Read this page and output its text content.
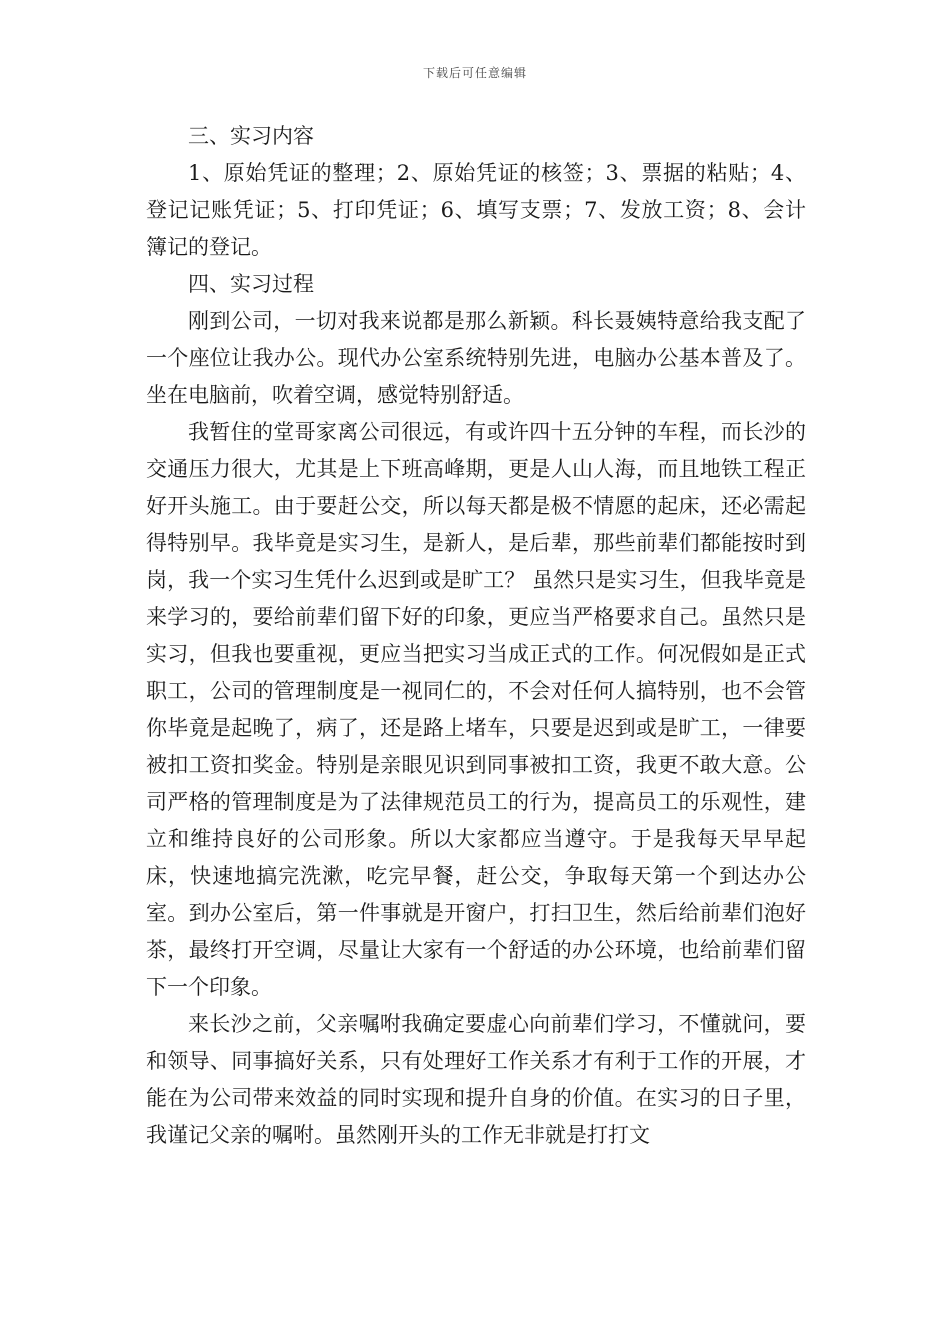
下载后可任意编辑

三、实习内容

1、原始凭证的整理；2、原始凭证的核签；3、票据的粘贴；4、登记记账凭证；5、打印凭证；6、填写支票；7、发放工资；8、会计簿记的登记。

四、实习过程

刚到公司，一切对我来说都是那么新颖。科长聂姨特意给我支配了一个座位让我办公。现代办公室系统特别先进，电脑办公基本普及了。坐在电脑前，吹着空调，感觉特别舒适。

我暂住的堂哥家离公司很远，有或许四十五分钟的车程，而长沙的交通压力很大，尤其是上下班高峰期，更是人山人海，而且地铁工程正好开头施工。由于要赶公交，所以每天都是极不情愿的起床，还必需起得特别早。我毕竟是实习生，是新人，是后辈，那些前辈们都能按时到岗，我一个实习生凭什么迟到或是旷工？ 虽然只是实习生，但我毕竟是来学习的，要给前辈们留下好的印象，更应当严格要求自己。虽然只是实习，但我也要重视，更应当把实习当成正式的工作。何况假如是正式职工，公司的管理制度是一视同仁的，不会对任何人搞特别，也不会管你毕竟是起晚了，病了，还是路上堵车，只要是迟到或是旷工，一律要被扣工资扣奖金。特别是亲眼见识到同事被扣工资，我更不敢大意。公司严格的管理制度是为了法律规范员工的行为，提高员工的乐观性，建立和维持良好的公司形象。所以大家都应当遵守。于是我每天早早起床，快速地搞完洗漱，吃完早餐，赶公交，争取每天第一个到达办公室。到办公室后，第一件事就是开窗户，打扫卫生，然后给前辈们泡好茶，最终打开空调，尽量让大家有一个舒适的办公环境，也给前辈们留下一个印象。

来长沙之前，父亲嘱咐我确定要虚心向前辈们学习，不懂就问，要和领导、同事搞好关系，只有处理好工作关系才有利于工作的开展，才能在为公司带来效益的同时实现和提升自身的价值。在实习的日子里，我谨记父亲的嘱咐。虽然刚开头的工作无非就是打打文
